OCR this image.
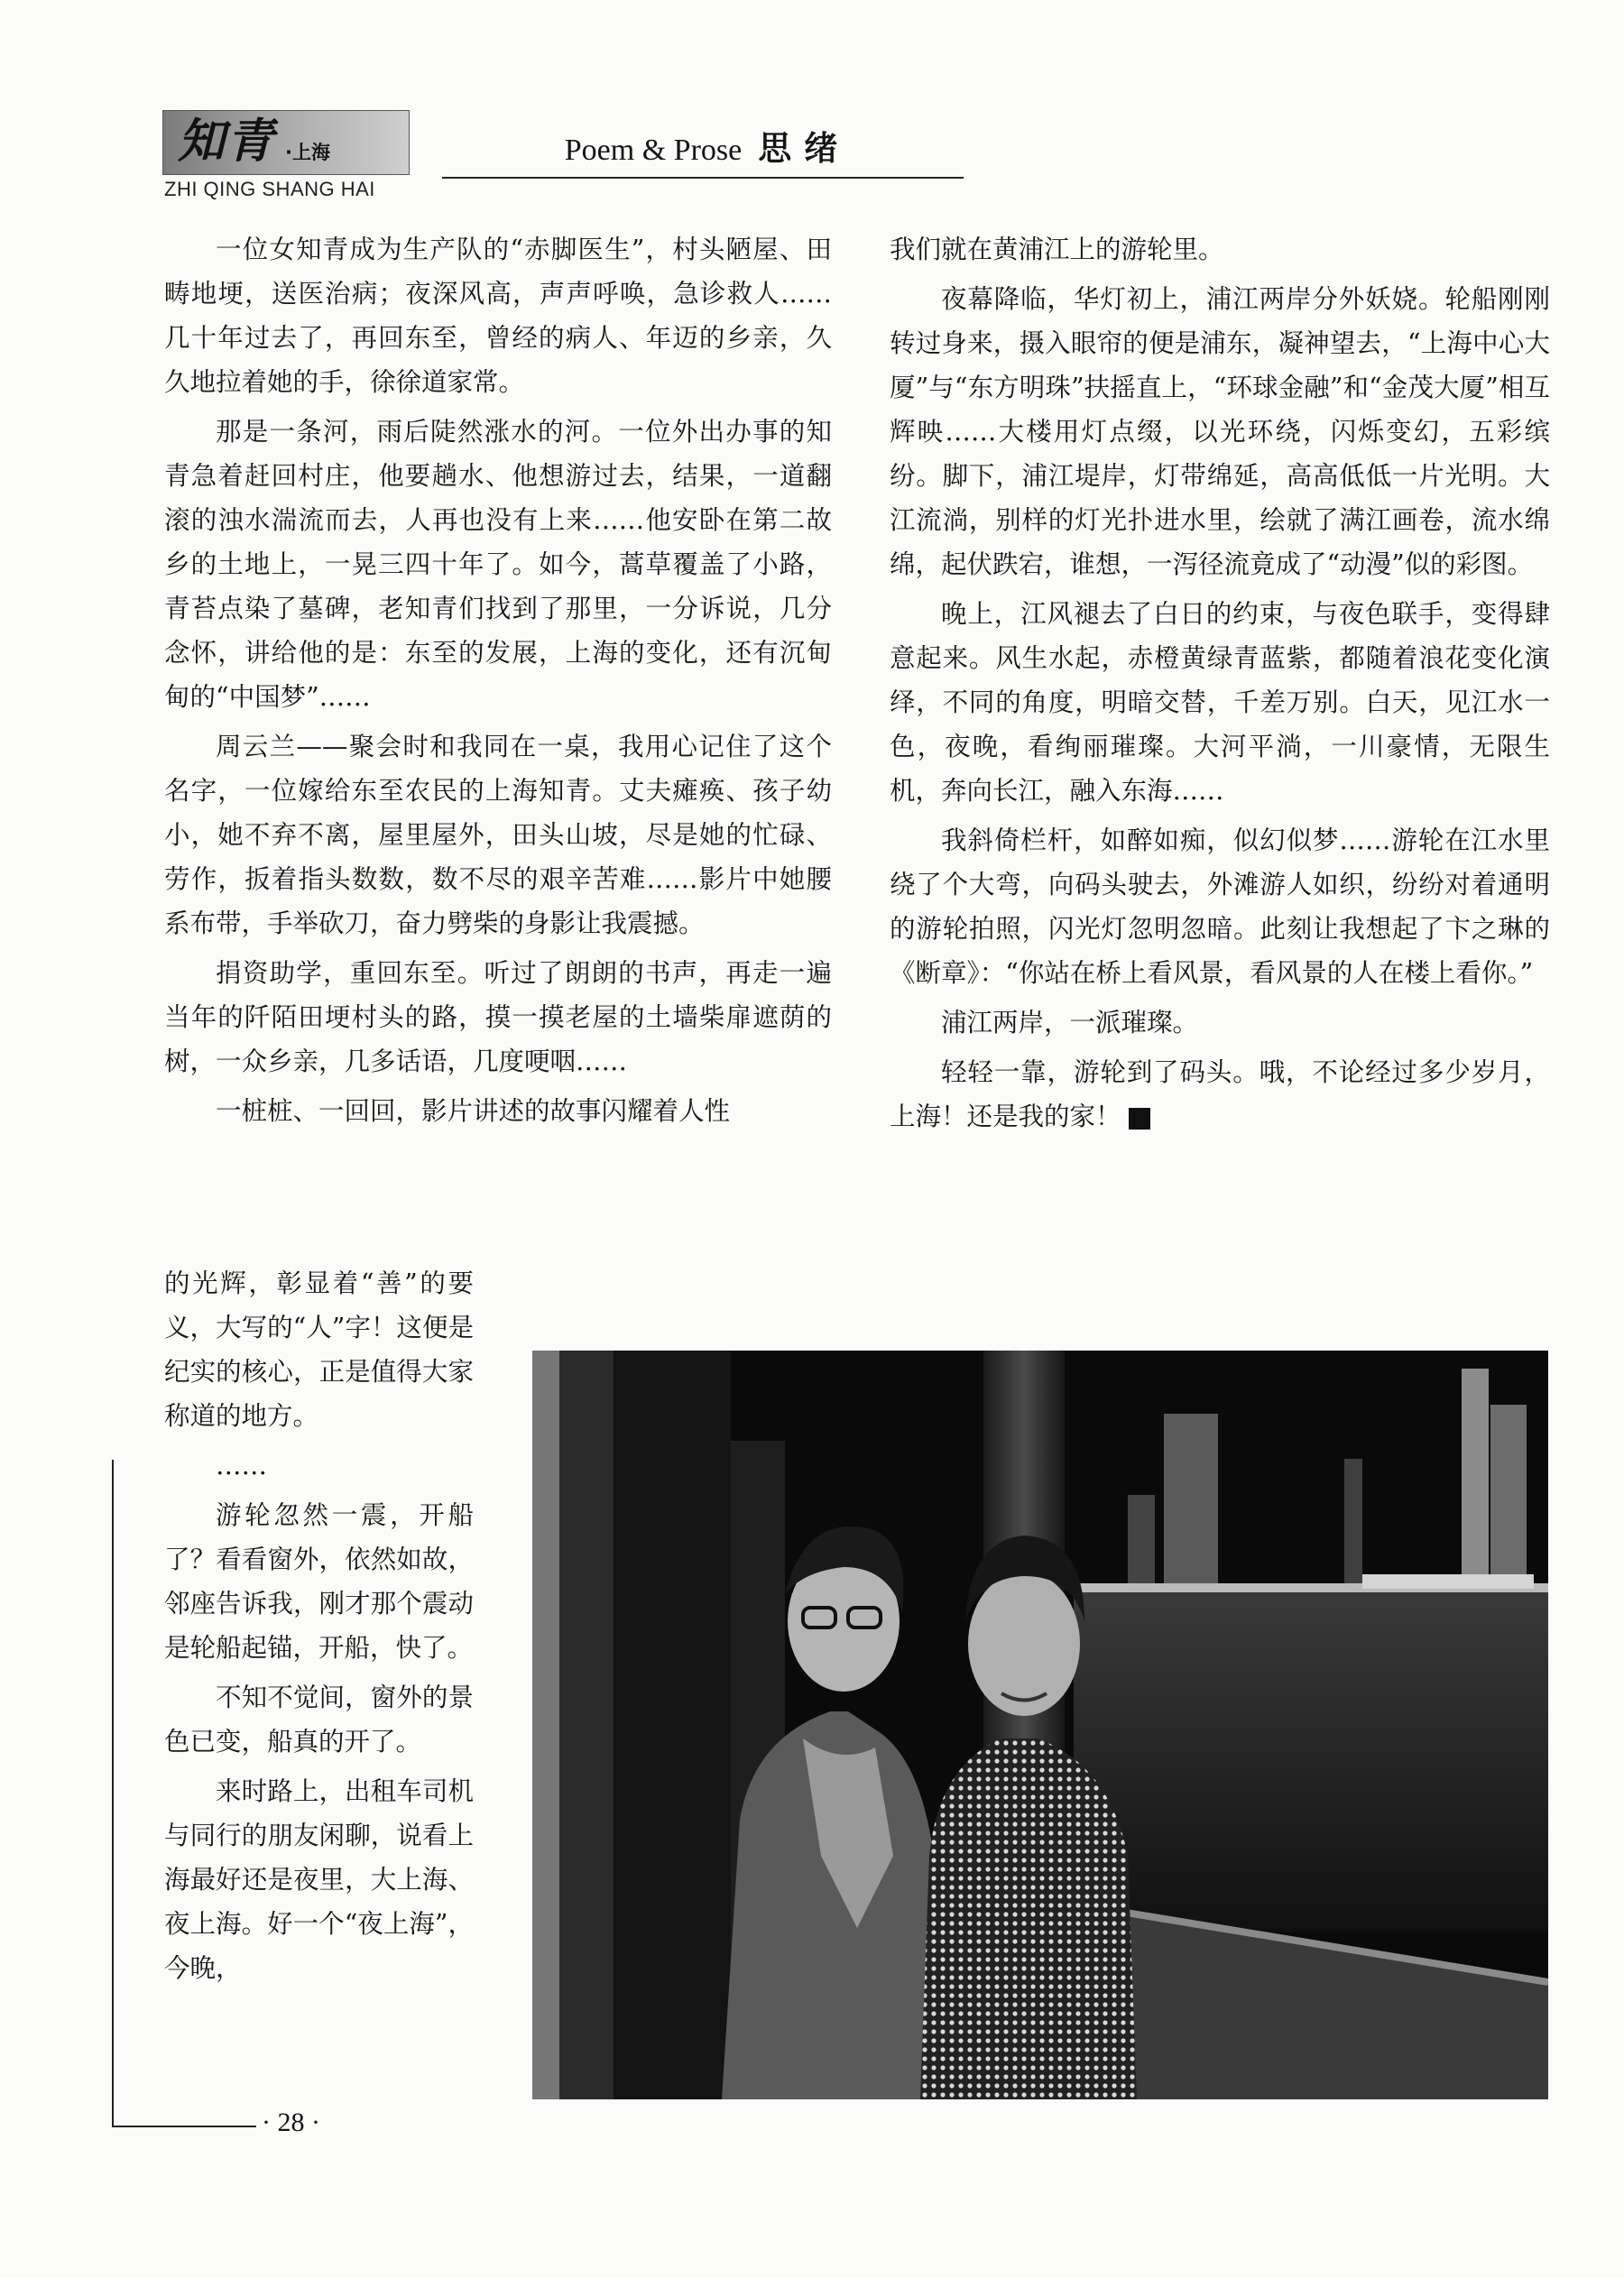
知青 ·上海
ZHI QING SHANG HAI
Poem & Prose 思绪

一位女知青成为生产队的“赤脚医生”，村头陋屋、田畴地埂，送医治病；夜深风高，声声呼唤，急诊救人……几十年过去了，再回东至，曾经的病人、年迈的乡亲，久久地拉着她的手，徐徐道家常。

那是一条河，雨后陡然涨水的河。一位外出办事的知青急着赶回村庄，他要趟水、他想游过去，结果，一道翻滚的浊水湍流而去，人再也没有上来……他安卧在第二故乡的土地上，一晃三四十年了。如今，蒿草覆盖了小路，青苔点染了墓碑，老知青们找到了那里，一分诉说，几分念怀，讲给他的是：东至的发展，上海的变化，还有沉甸甸的“中国梦”……

周云兰——聚会时和我同在一桌，我用心记住了这个名字，一位嫁给东至农民的上海知青。丈夫瘫痪、孩子幼小，她不弃不离，屋里屋外，田头山坡，尽是她的忙碌、劳作，扳着指头数数，数不尽的艰辛苦难……影片中她腰系布带，手举砍刀，奋力劈柴的身影让我震撼。

捐资助学，重回东至。听过了朗朗的书声，再走一遍当年的阡陌田埂村头的路，摸一摸老屋的土墙柴扉遮荫的树，一众乡亲，几多话语，几度哽咽……

一桩桩、一回回，影片讲述的故事闪耀着人性

的光辉，彰显着“善”的要义，大写的“人”字！这便是纪实的核心，正是值得大家称道的地方。

……

游轮忽然一震，开船了？看看窗外，依然如故，邻座告诉我，刚才那个震动是轮船起锚，开船，快了。

不知不觉间，窗外的景色已变，船真的开了。

来时路上，出租车司机与同行的朋友闲聊，说看上海最好还是夜里，大上海、夜上海。好一个“夜上海”，今晚，

我们就在黄浦江上的游轮里。

夜幕降临，华灯初上，浦江两岸分外妖娆。轮船刚刚转过身来，摄入眼帘的便是浦东，凝神望去，“上海中心大厦”与“东方明珠”扶摇直上，“环球金融”和“金茂大厦”相互辉映……大楼用灯点缀，以光环绕，闪烁变幻，五彩缤纷。脚下，浦江堤岸，灯带绵延，高高低低一片光明。大江流淌，别样的灯光扑进水里，绘就了满江画卷，流水绵绵，起伏跌宕，谁想，一泻径流竟成了“动漫”似的彩图。

晚上，江风褪去了白日的约束，与夜色联手，变得肆意起来。风生水起，赤橙黄绿青蓝紫，都随着浪花变化演绎，不同的角度，明暗交替，千差万别。白天，见江水一色，夜晚，看绚丽璀璨。大河平淌，一川豪情，无限生机，奔向长江，融入东海……

我斜倚栏杆，如醉如痴，似幻似梦……游轮在江水里绕了个大弯，向码头驶去，外滩游人如织，纷纷对着通明的游轮拍照，闪光灯忽明忽暗。此刻让我想起了卞之琳的《断章》：“你站在桥上看风景，看风景的人在楼上看你。”

浦江两岸，一派璀璨。

轻轻一靠，游轮到了码头。哦，不论经过多少岁月，上海！还是我的家！

· 28 ·
